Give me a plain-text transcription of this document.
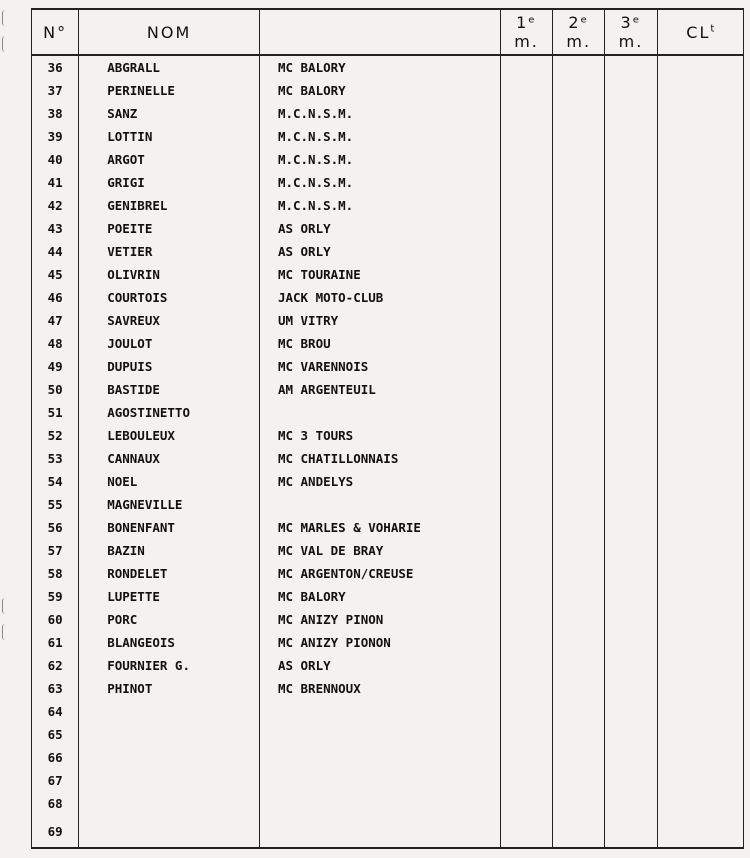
N°	NOM		1ᵉ m.	2ᵉ m.	3ᵉ m.	$CL^t$
36	ABGRALL	MC BALORY				
37	PERINELLE	MC BALORY				
38	SANZ	M.C.N.S.M.				
39	LOTTIN	M.C.N.S.M.				
40	ARGOT	M.C.N.S.M.				
41	GRIGI	M.C.N.S.M.				
42	GENIBREL	M.C.N.S.M.				
43	POEITE	AS ORLY				
44	VETIER	AS ORLY				
45	OLIVRIN	MC TOURAINE				
46	COURTOIS	JACK MOTO-CLUB				
47	SAVREUX	UM VITRY				
48	JOULOT	MC BROU				
49	DUPUIS	MC VARENNOIS				
50	BASTIDE	AM ARGENTEUIL				
51	AGOSTINETTO					
52	LEBOULEUX	MC 3 TOURS				
53	CANNAUX	MC CHATILLONNAIS				
54	NOEL	MC ANDELYS				
55	MAGNEVILLE					
56	BONENFANT	MC MARLES & VOHARIE				
57	BAZIN	MC VAL DE BRAY				
58	RONDELET	MC ARGENTON/CREUSE				
59	LUPETTE	MC BALORY				
60	PORC	MC ANIZY PINON				
61	BLANGEOIS	MC ANIZY PIONON				
62	FOURNIER G.	AS ORLY				
63	PHINOT	MC BRENNOUX				
64						
65						
66						
67						
68						
69						
